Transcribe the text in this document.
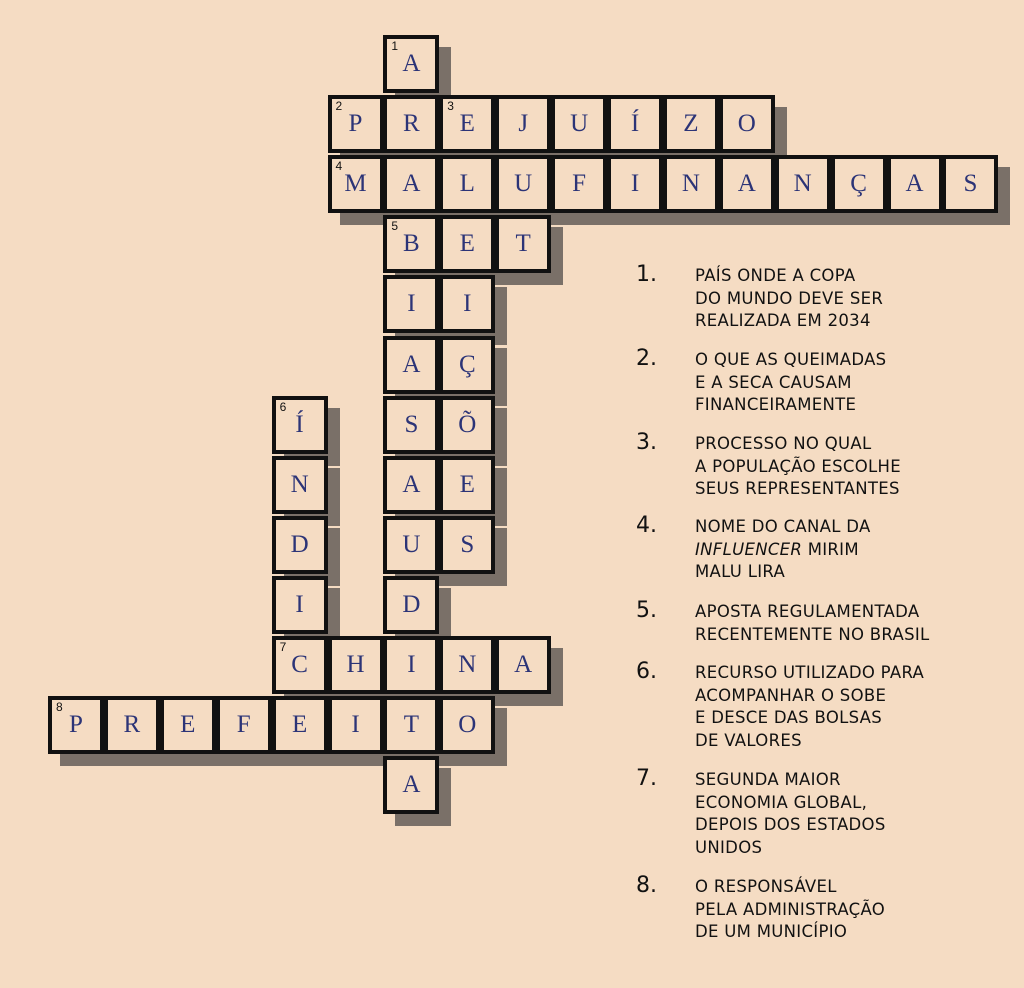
A
1
P
2
R E
3
J U Í Z O
M
4
A L U F I N A N Ç A S
B
5
E T
I I
A Ç
Í
6
S Õ
N	A E
D	U S
I	D
C
7
H I N A
P
8
R E F E I T O
A
1. PAÍS ONDE A COPA
DO MUNDO DEVE SER
REALIZADA EM 2034
2. O QUE AS QUEIMADAS
E A SECA CAUSAM
FINANCEIRAMENTE
3. PROCESSO NO QUAL
A POPULAÇÃO ESCOLHE
SEUS REPRESENTANTES
4. NOME DO CANAL DA
INFLUENCER MIRIM
MALU LIRA
5. APOSTA REGULAMENTADA
RECENTEMENTE NO BRASIL
6. RECURSO UTILIZADO PARA
ACOMPANHAR O SOBE
E DESCE DAS BOLSAS
DE VALORES
7. SEGUNDA MAIOR
ECONOMIA GLOBAL,
DEPOIS DOS ESTADOS
UNIDOS
8. O RESPONSÁVEL
PELA ADMINISTRAÇÃO
DE UM MUNICÍPIO
